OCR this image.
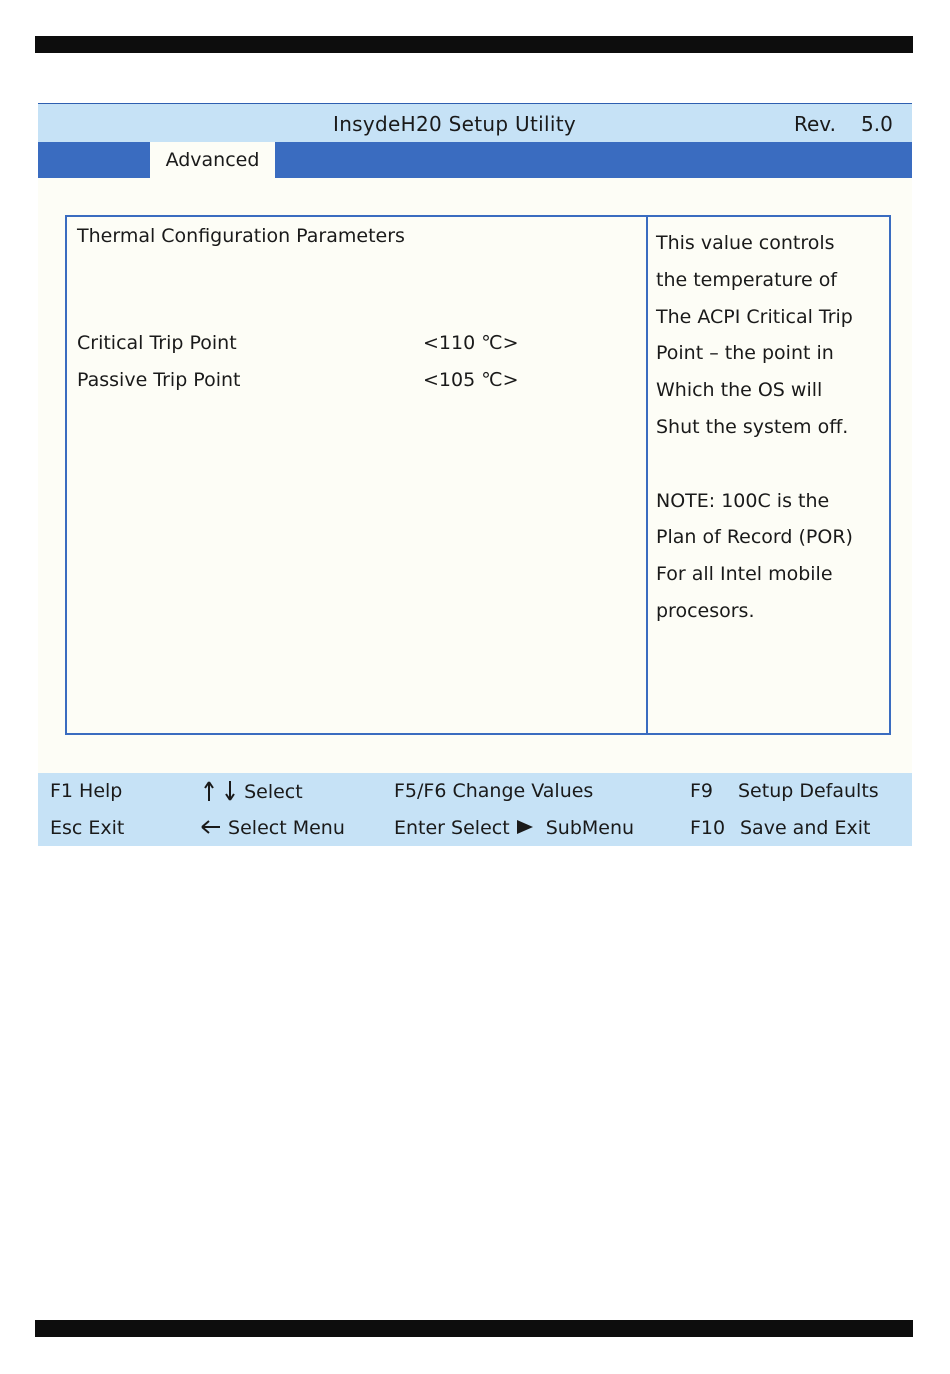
InsydeH20 Setup Utility	Rev. 5.0
Advanced
Thermal Configuration Parameters
Critical Trip Point	<110 ℃>
Passive Trip Point	<105 ℃>
This value controls
the temperature of
The ACPI Critical Trip
Point – the point in
Which the OS will
Shut the system off.
NOTE: 100C is the
Plan of Record (POR)
For all Intel mobile
procesors.
F1 Help
Esc Exit
Select
Select Menu
F5/F6 Change Values
Enter Select SubMenu
F9 Setup Defaults
F10 Save and Exit
